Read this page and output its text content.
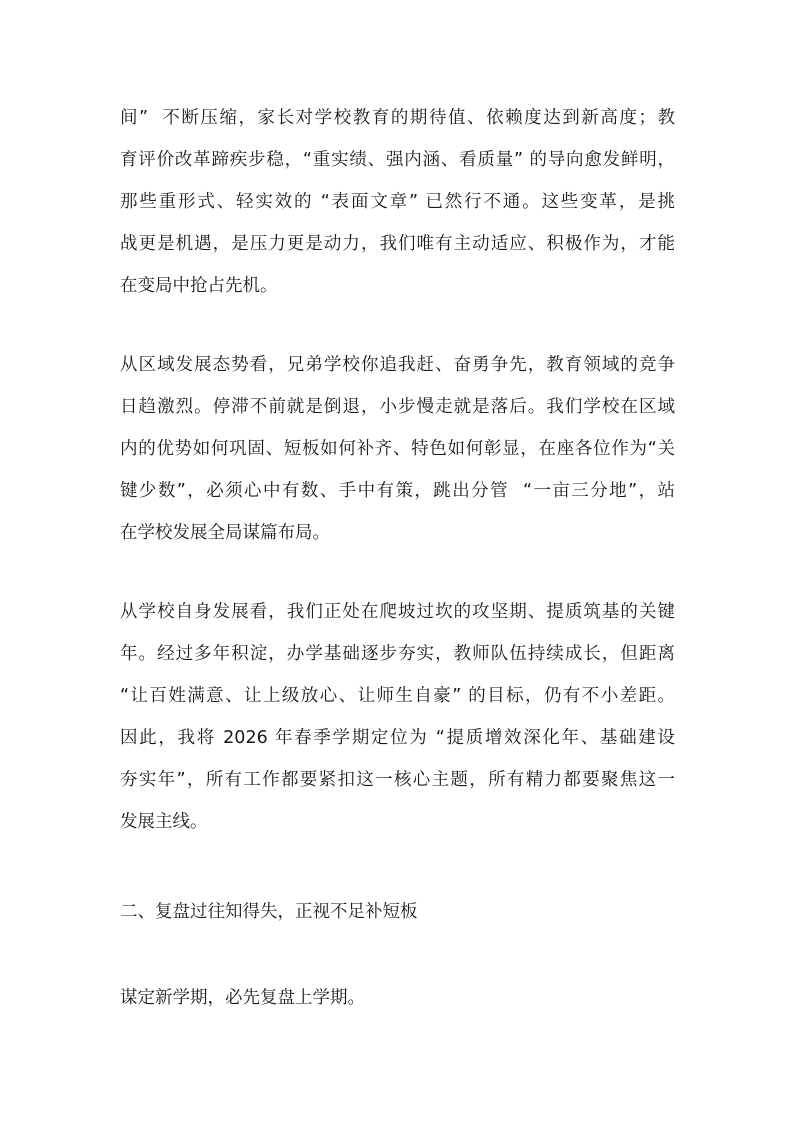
间”  不断压缩，家长对学校教育的期待值、依赖度达到新高度；教
育评价改革蹄疾步稳，“重实绩、强内涵、看质量” 的导向愈发鲜明，
那些重形式、轻实效的 “表面文章” 已然行不通。这些变革，是挑
战更是机遇，是压力更是动力，我们唯有主动适应、积极作为，才能
在变局中抢占先机。
从区域发展态势看，兄弟学校你追我赶、奋勇争先，教育领域的竞争
日趋激烈。停滞不前就是倒退，小步慢走就是落后。我们学校在区域
内的优势如何巩固、短板如何补齐、特色如何彰显，在座各位作为“关
键少数”，必须心中有数、手中有策，跳出分管  “一亩三分地”，站
在学校发展全局谋篇布局。
从学校自身发展看，我们正处在爬坡过坎的攻坚期、提质筑基的关键
年。经过多年积淀，办学基础逐步夯实，教师队伍持续成长，但距离
“让百姓满意、让上级放心、让师生自豪” 的目标，仍有不小差距。
因此，我将 2026 年春季学期定位为 “提质增效深化年、基础建设
夯实年”，所有工作都要紧扣这一核心主题，所有精力都要聚焦这一
发展主线。
二、复盘过往知得失，正视不足补短板
谋定新学期，必先复盘上学期。
